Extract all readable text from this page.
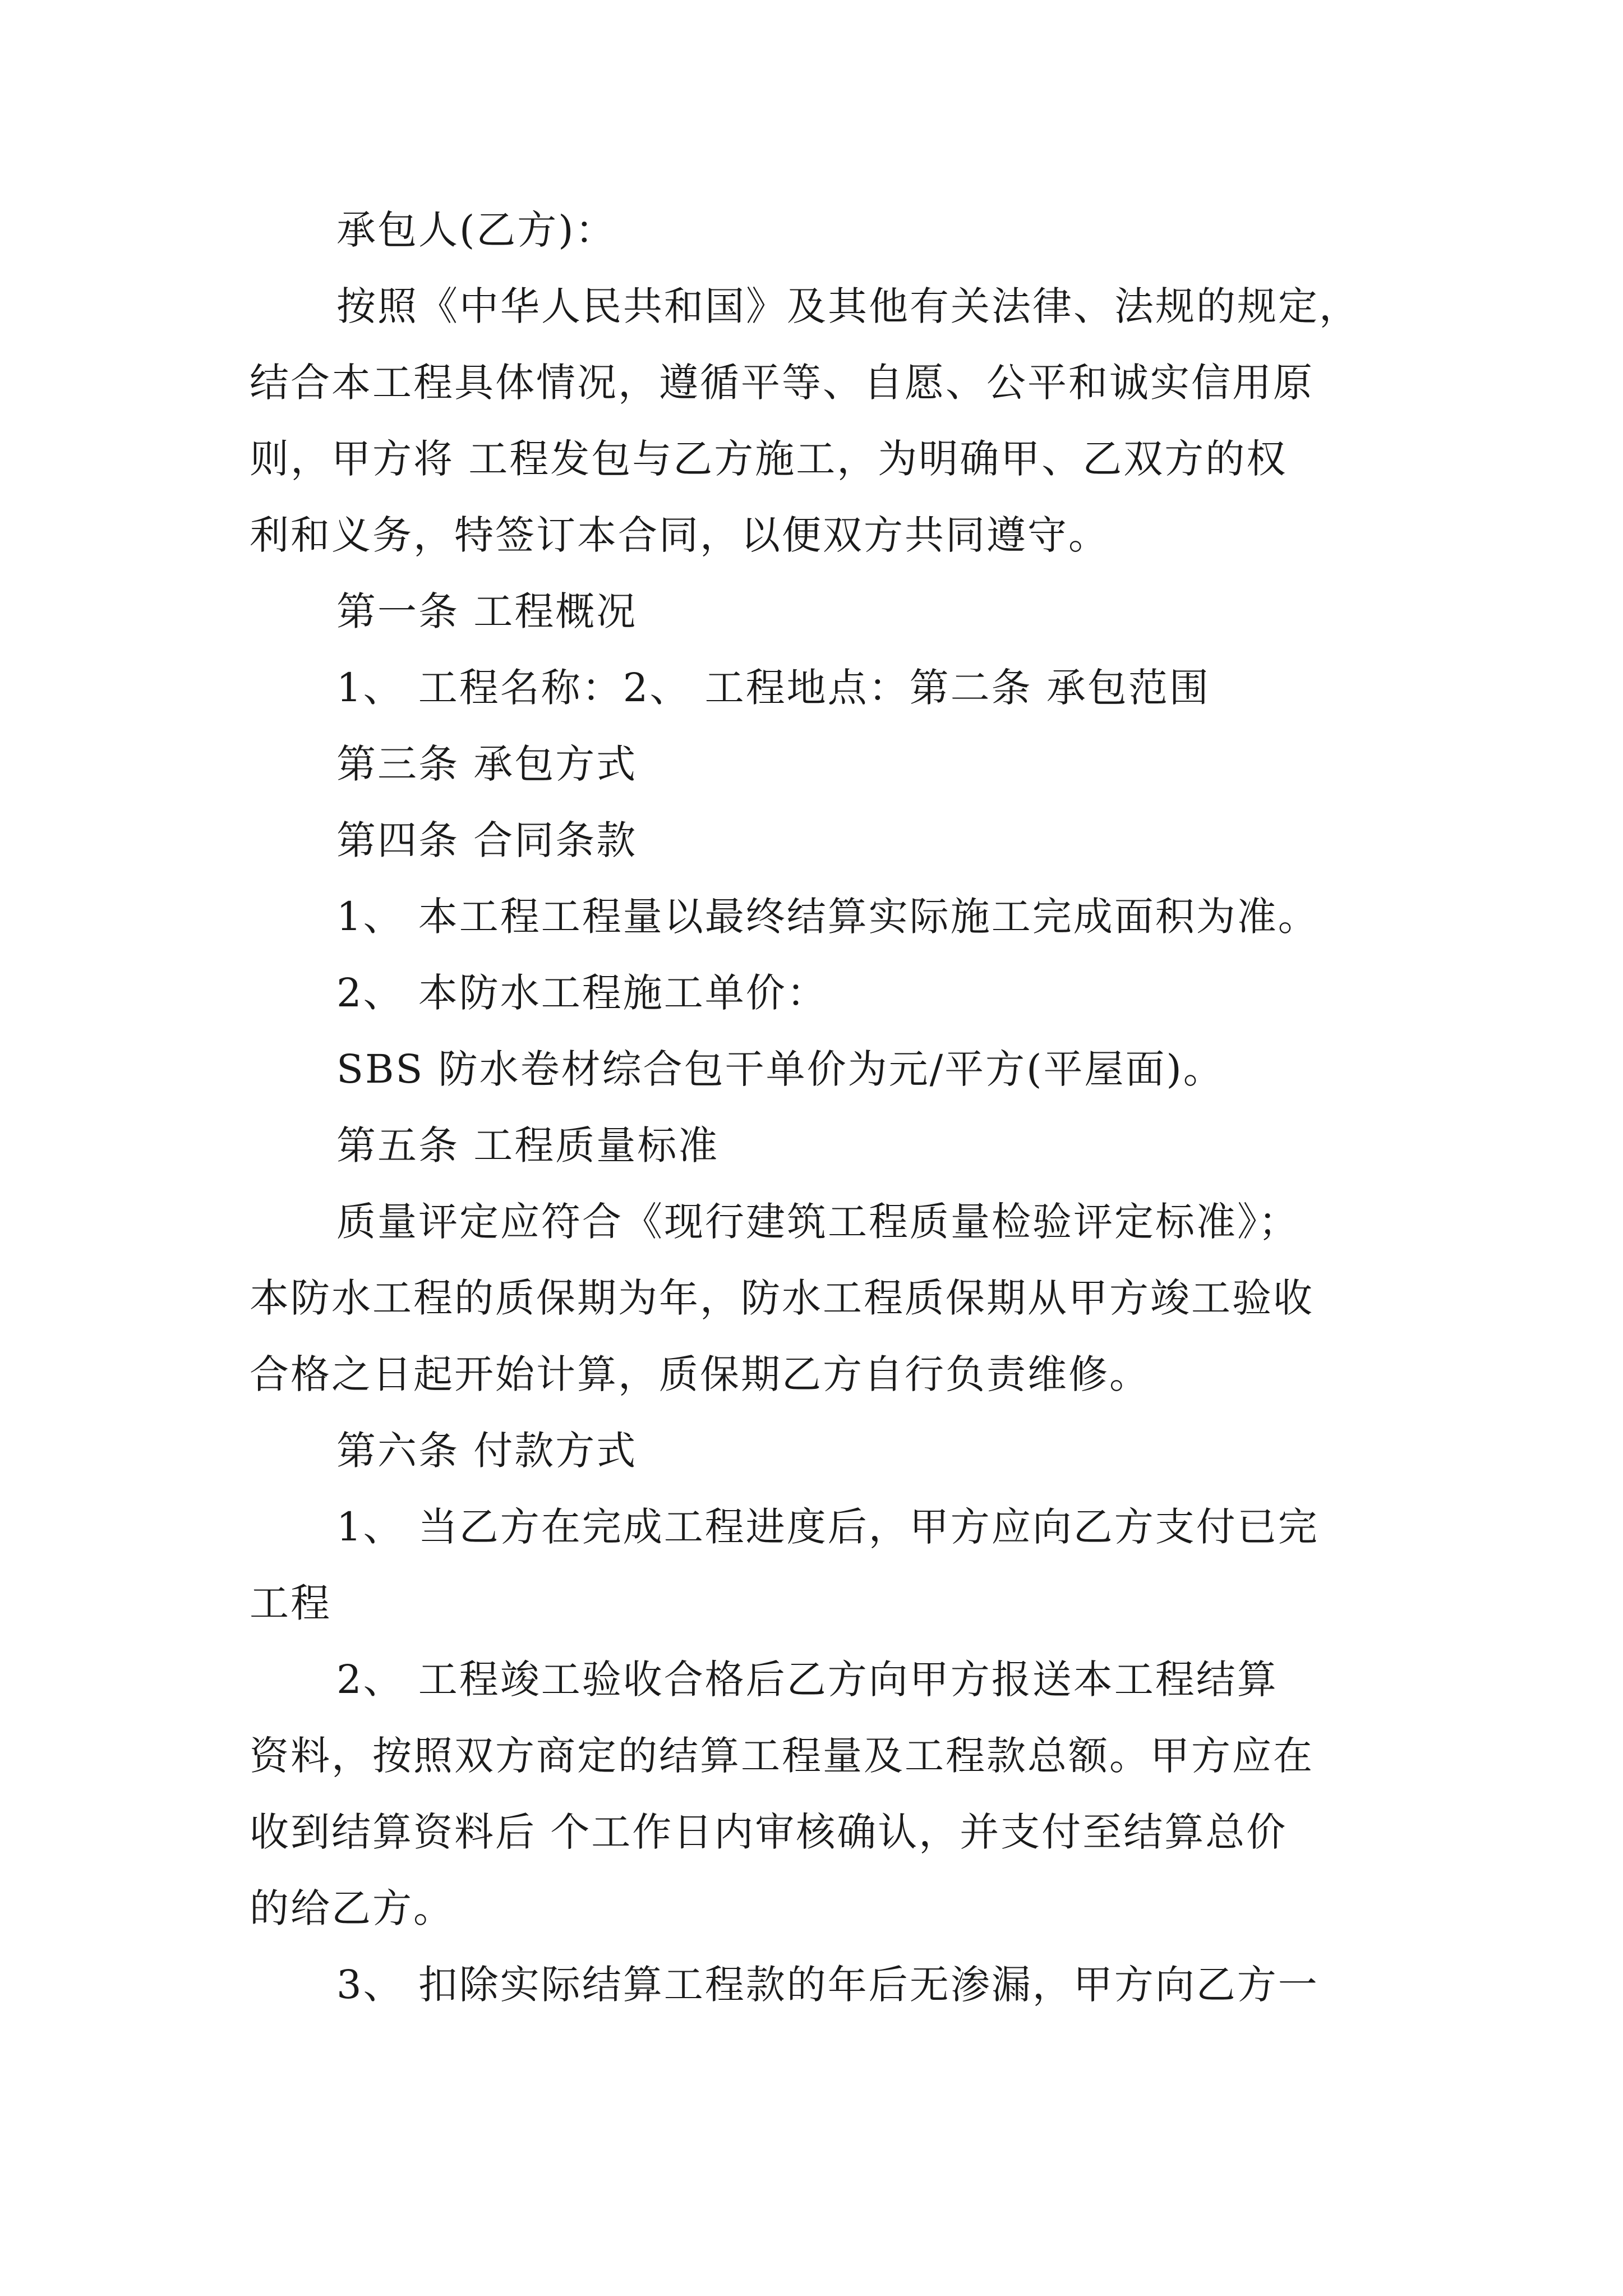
承包人(乙方)：

按照《中华人民共和国》及其他有关法律、法规的规定，

结合本工程具体情况，遵循平等、自愿、公平和诚实信用原

则，甲方将 工程发包与乙方施工，为明确甲、乙双方的权

利和义务，特签订本合同，以便双方共同遵守。

第一条 工程概况

1、 工程名称：2、 工程地点：第二条 承包范围

第三条 承包方式

第四条 合同条款

1、 本工程工程量以最终结算实际施工完成面积为准。

2、 本防水工程施工单价：

SBS 防水卷材综合包干单价为元/平方(平屋面)。

第五条 工程质量标准

质量评定应符合《现行建筑工程质量检验评定标准》；

本防水工程的质保期为年，防水工程质保期从甲方竣工验收

合格之日起开始计算，质保期乙方自行负责维修。

第六条 付款方式

1、 当乙方在完成工程进度后，甲方应向乙方支付已完

工程

2、 工程竣工验收合格后乙方向甲方报送本工程结算

资料，按照双方商定的结算工程量及工程款总额。甲方应在

收到结算资料后 个工作日内审核确认，并支付至结算总价

的给乙方。

3、 扣除实际结算工程款的年后无渗漏，甲方向乙方一
